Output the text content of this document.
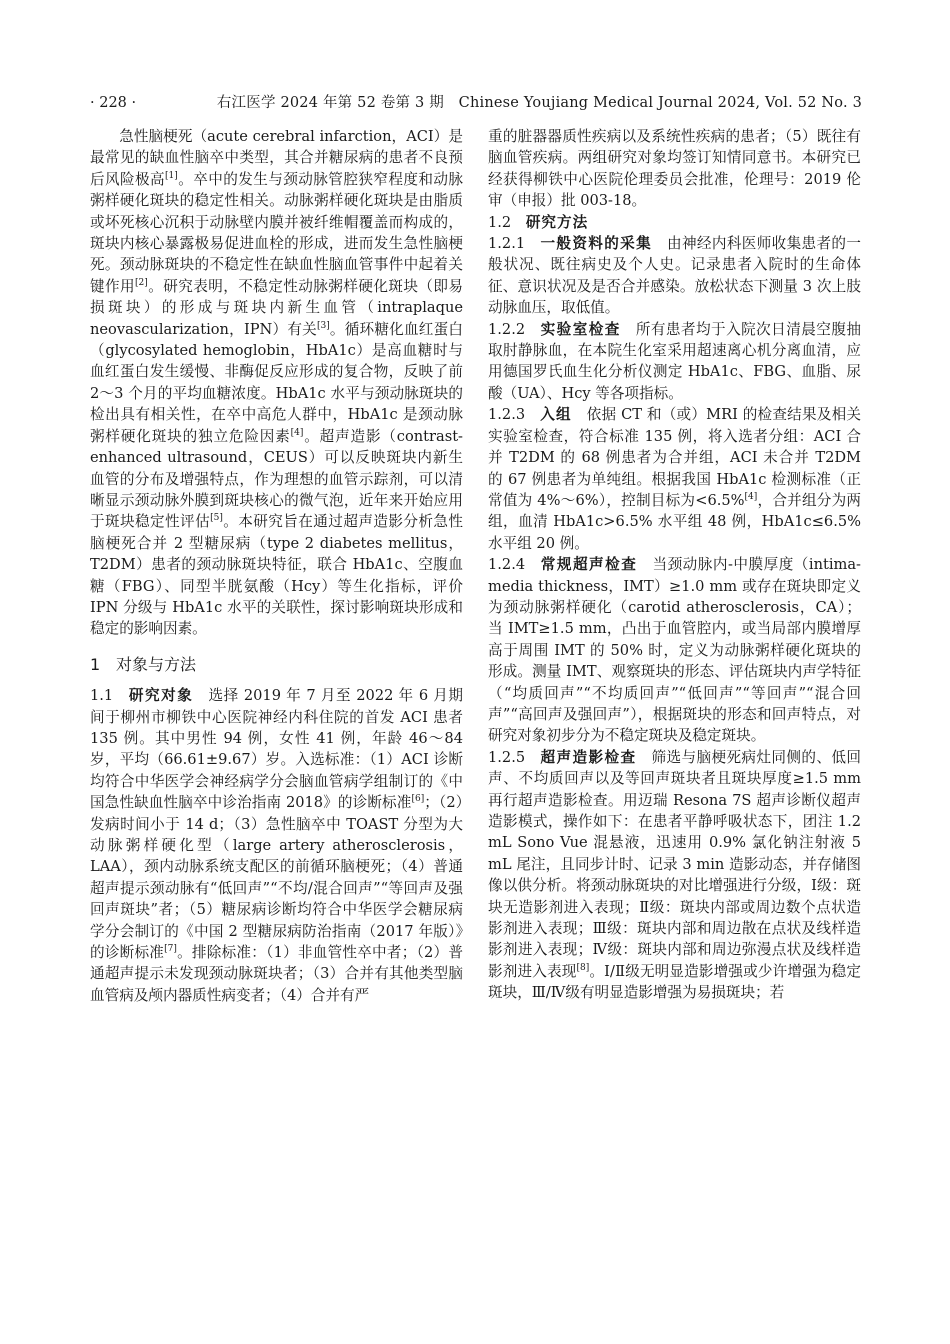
· 228 ·	右江医学 2024 年第 52 卷第 3 期　Chinese Youjiang Medical Journal 2024, Vol. 52 No. 3

急性脑梗死（acute cerebral infarction，ACI）是最常见的缺血性脑卒中类型，其合并糖尿病的患者不良预后风险极高[1]。卒中的发生与颈动脉管腔狭窄程度和动脉粥样硬化斑块的稳定性相关。动脉粥样硬化斑块是由脂质或坏死核心沉积于动脉壁内膜并被纤维帽覆盖而构成的，斑块内核心暴露极易促进血栓的形成，进而发生急性脑梗死。颈动脉斑块的不稳定性在缺血性脑血管事件中起着关键作用[2]。研究表明，不稳定性动脉粥样硬化斑块（即易损斑块）的形成与斑块内新生血管（intraplaque neovascularization，IPN）有关[3]。循环糖化血红蛋白（glycosylated hemoglobin，HbA1c）是高血糖时与血红蛋白发生缓慢、非酶促反应形成的复合物，反映了前 2～3 个月的平均血糖浓度。HbA1c 水平与颈动脉斑块的检出具有相关性，在卒中高危人群中，HbA1c 是颈动脉粥样硬化斑块的独立危险因素[4]。超声造影（contrast-enhanced ultrasound，CEUS）可以反映斑块内新生血管的分布及增强特点，作为理想的血管示踪剂，可以清晰显示颈动脉外膜到斑块核心的微气泡，近年来开始应用于斑块稳定性评估[5]。本研究旨在通过超声造影分析急性脑梗死合并 2 型糖尿病（type 2 diabetes mellitus，T2DM）患者的颈动脉斑块特征，联合 HbA1c、空腹血糖（FBG）、同型半胱氨酸（Hcy）等生化指标，评价 IPN 分级与 HbA1c 水平的关联性，探讨影响斑块形成和稳定的影响因素。

1 对象与方法

1.1　 研究对象　 选择 2019 年 7 月至 2022 年 6 月期间于柳州市柳铁中心医院神经内科住院的首发 ACI 患者 135 例。其中男性 94 例，女性 41 例，年龄 46～84 岁，平均（66.61±9.67）岁。入选标准：（1）ACI 诊断均符合中华医学会神经病学分会脑血管病学组制订的《中国急性缺血性脑卒中诊治指南 2018》的诊断标准[6]；（2）发病时间小于 14 d；（3）急性脑卒中 TOAST 分型为大动脉粥样硬化型（large artery atherosclerosis，LAA），颈内动脉系统支配区的前循环脑梗死；（4）普通超声提示颈动脉有“低回声”“不均/混合回声”“等回声及强回声斑块”者；（5）糖尿病诊断均符合中华医学会糖尿病学分会制订的《中国 2 型糖尿病防治指南（2017 年版）》的诊断标准[7]。排除标准：（1）非血管性卒中者；（2）普通超声提示未发现颈动脉斑块者；（3）合并有其他类型脑血管病及颅内器质性病变者；（4）合并有严

重的脏器器质性疾病以及系统性疾病的患者；（5）既往有脑血管疾病。两组研究对象均签订知情同意书。本研究已经获得柳铁中心医院伦理委员会批准，伦理号：2019 伦审（申报）批 003-18。

1.2　 研究方法

1.2.1　 一般资料的采集　 由神经内科医师收集患者的一般状况、既往病史及个人史。记录患者入院时的生命体征、意识状况及是否合并感染。放松状态下测量 3 次上肢动脉血压，取低值。

1.2.2　 实验室检查　 所有患者均于入院次日清晨空腹抽取肘静脉血，在本院生化室采用超速离心机分离血清，应用德国罗氏血生化分析仪测定 HbA1c、FBG、血脂、尿酸（UA）、Hcy 等各项指标。

1.2.3　 入组　 依据 CT 和（或）MRI 的检查结果及相关实验室检查，符合标准 135 例，将入选者分组：ACI 合并 T2DM 的 68 例患者为合并组，ACI 未合并 T2DM 的 67 例患者为单纯组。根据我国 HbA1c 检测标准（正常值为 4%～6%），控制目标为<6.5%[4]，合并组分为两组，血清 HbA1c>6.5% 水平组 48 例，HbA1c≤6.5% 水平组 20 例。

1.2.4　 常规超声检查　 当颈动脉内-中膜厚度（intima-media thickness，IMT）≥1.0 mm 或存在斑块即定义为颈动脉粥样硬化（carotid atherosclerosis，CA）；当 IMT≥1.5 mm，凸出于血管腔内，或当局部内膜增厚高于周围 IMT 的 50% 时，定义为动脉粥样硬化斑块的形成。测量 IMT、观察斑块的形态、评估斑块内声学特征（“均质回声”“不均质回声”“低回声”“等回声”“混合回声”“高回声及强回声”），根据斑块的形态和回声特点，对研究对象初步分为不稳定斑块及稳定斑块。

1.2.5　 超声造影检查　 筛选与脑梗死病灶同侧的、低回声、不均质回声以及等回声斑块者且斑块厚度≥1.5 mm 再行超声造影检查。用迈瑞 Resona 7S 超声诊断仪超声造影模式，操作如下：在患者平静呼吸状态下，团注 1.2 mL Sono Vue 混悬液，迅速用 0.9% 氯化钠注射液 5 mL 尾注，且同步计时、记录 3 min 造影动态，并存储图像以供分析。将颈动脉斑块的对比增强进行分级，Ⅰ级：斑块无造影剂进入表现；Ⅱ级：斑块内部或周边数个点状造影剂进入表现；Ⅲ级：斑块内部和周边散在点状及线样造影剂进入表现；Ⅳ级：斑块内部和周边弥漫点状及线样造影剂进入表现[8]。Ⅰ/Ⅱ级无明显造影增强或少许增强为稳定斑块，Ⅲ/Ⅳ级有明显造影增强为易损斑块；若
